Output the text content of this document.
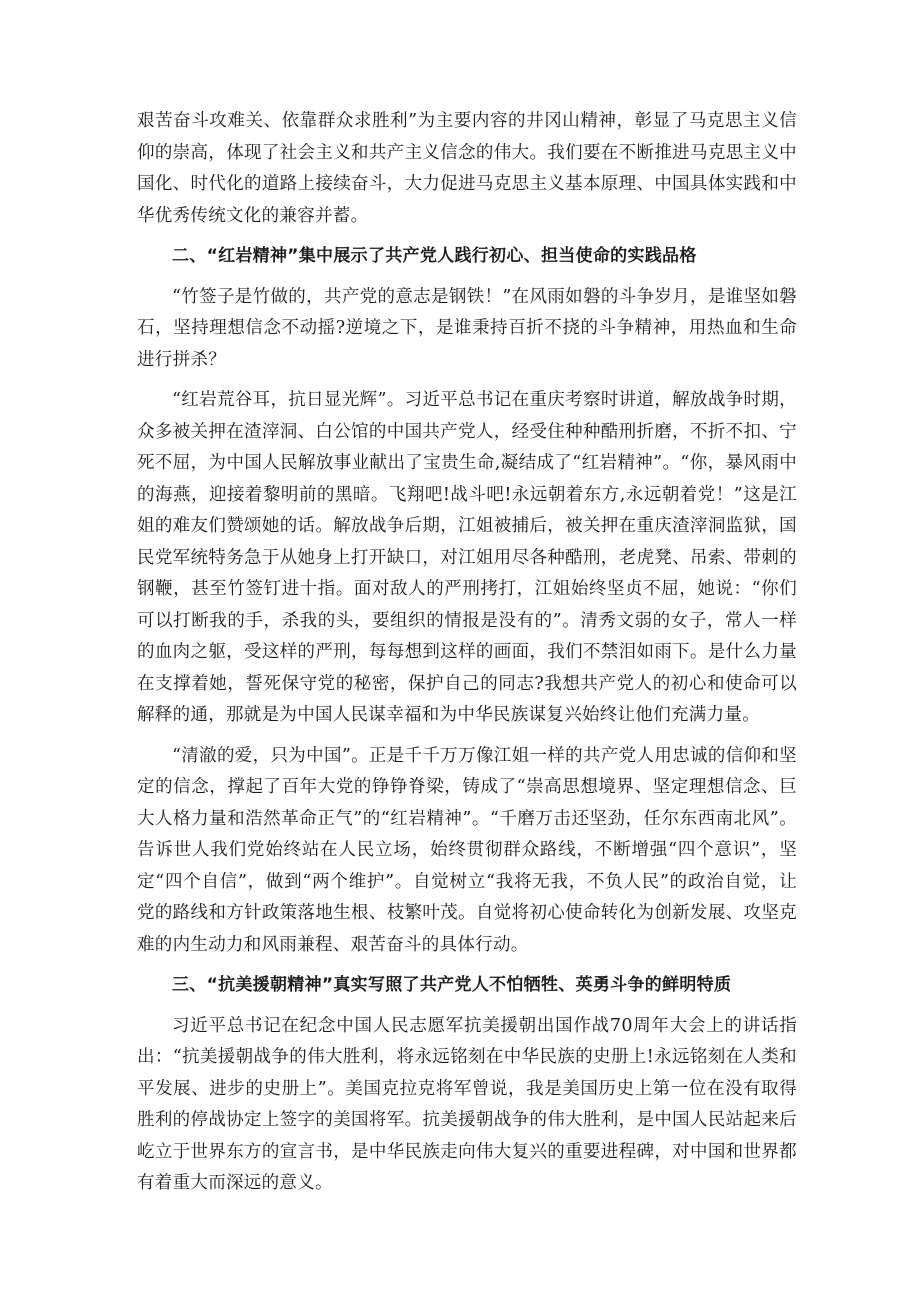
艰苦奋斗攻难关、依靠群众求胜利”为主要内容的井冈山精神，彰显了马克思主义信仰的崇高，体现了社会主义和共产主义信念的伟大。我们要在不断推进马克思主义中国化、时代化的道路上接续奋斗，大力促进马克思主义基本原理、中国具体实践和中华优秀传统文化的兼容并蓄。

二、“红岩精神”集中展示了共产党人践行初心、担当使命的实践品格

“竹签子是竹做的，共产党的意志是钢铁！”在风雨如磐的斗争岁月，是谁坚如磐石，坚持理想信念不动摇?逆境之下，是谁秉持百折不挠的斗争精神，用热血和生命进行拼杀？

“红岩荒谷耳，抗日显光辉”。习近平总书记在重庆考察时讲道，解放战争时期，众多被关押在渣滓洞、白公馆的中国共产党人，经受住种种酷刑折磨，不折不扣、宁死不屈，为中国人民解放事业献出了宝贵生命,凝结成了“红岩精神”。“你，暴风雨中的海燕，迎接着黎明前的黑暗。飞翔吧!战斗吧!永远朝着东方,永远朝着党！”这是江姐的难友们赞颂她的话。解放战争后期，江姐被捕后，被关押在重庆渣滓洞监狱，国民党军统特务急于从她身上打开缺口，对江姐用尽各种酷刑，老虎凳、吊索、带刺的钢鞭，甚至竹签钉进十指。面对敌人的严刑拷打，江姐始终坚贞不屈，她说：“你们可以打断我的手，杀我的头，要组织的情报是没有的”。清秀文弱的女子，常人一样的血肉之躯，受这样的严刑，每每想到这样的画面，我们不禁泪如雨下。是什么力量在支撑着她，誓死保守党的秘密，保护自己的同志?我想共产党人的初心和使命可以解释的通，那就是为中国人民谋幸福和为中华民族谋复兴始终让他们充满力量。

“清澈的爱，只为中国”。正是千千万万像江姐一样的共产党人用忠诚的信仰和坚定的信念，撑起了百年大党的铮铮脊梁，铸成了“崇高思想境界、坚定理想信念、巨大人格力量和浩然革命正气”的“红岩精神”。“千磨万击还坚劲，任尔东西南北风”。告诉世人我们党始终站在人民立场，始终贯彻群众路线，不断增强“四个意识”，坚定“四个自信”，做到“两个维护”。自觉树立“我将无我，不负人民”的政治自觉，让党的路线和方针政策落地生根、枝繁叶茂。自觉将初心使命转化为创新发展、攻坚克难的内生动力和风雨兼程、艰苦奋斗的具体行动。

三、“抗美援朝精神”真实写照了共产党人不怕牺牲、英勇斗争的鲜明特质

习近平总书记在纪念中国人民志愿军抗美援朝出国作战70周年大会上的讲话指出：“抗美援朝战争的伟大胜利，将永远铭刻在中华民族的史册上!永远铭刻在人类和平发展、进步的史册上”。美国克拉克将军曾说，我是美国历史上第一位在没有取得胜利的停战协定上签字的美国将军。抗美援朝战争的伟大胜利，是中国人民站起来后屹立于世界东方的宣言书，是中华民族走向伟大复兴的重要进程碑，对中国和世界都有着重大而深远的意义。
